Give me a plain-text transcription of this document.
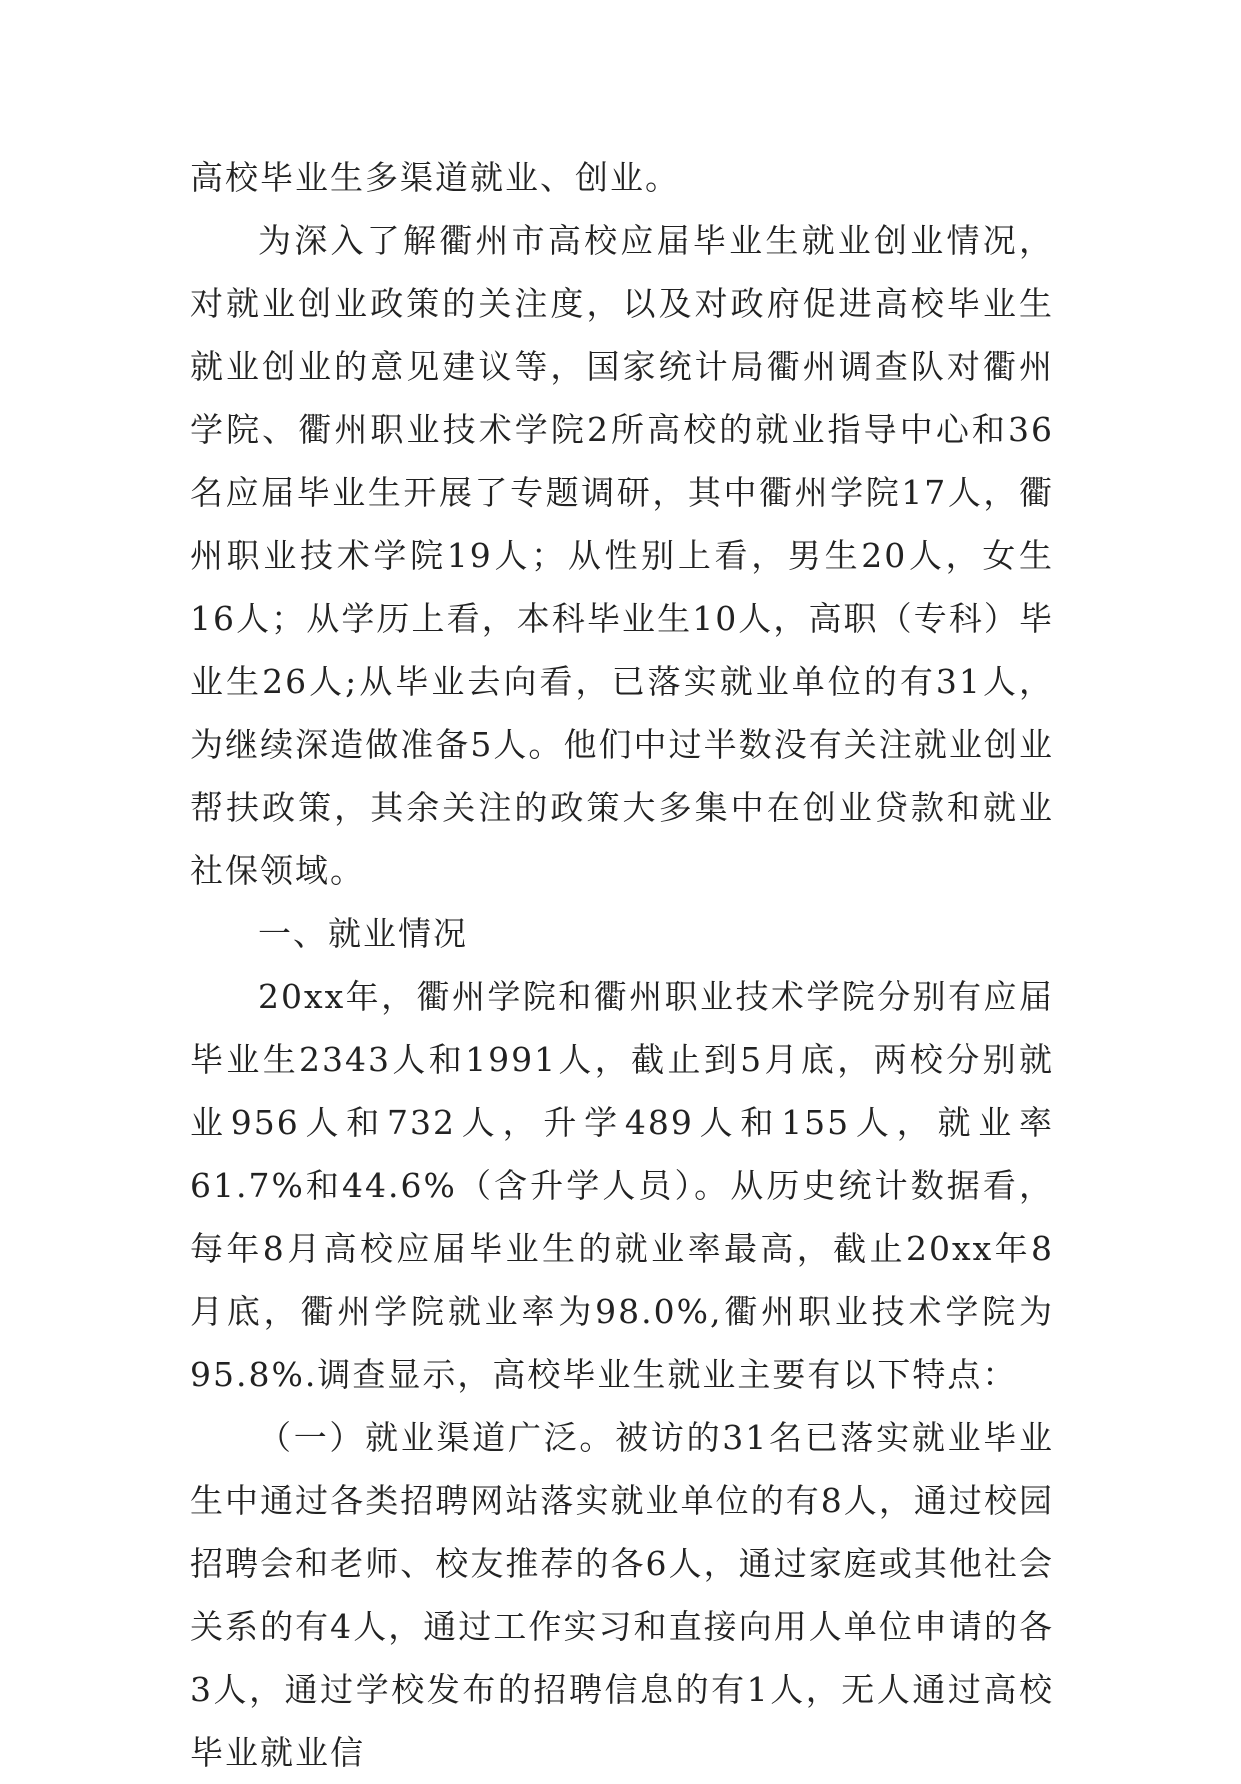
高校毕业生多渠道就业、创业。

为深入了解衢州市高校应届毕业生就业创业情况，对就业创业政策的关注度，以及对政府促进高校毕业生就业创业的意见建议等，国家统计局衢州调查队对衢州学院、衢州职业技术学院2所高校的就业指导中心和36名应届毕业生开展了专题调研，其中衢州学院17人，衢州职业技术学院19人；从性别上看，男生20人，女生16人；从学历上看，本科毕业生10人，高职（专科）毕业生26人;从毕业去向看，已落实就业单位的有31人，为继续深造做准备5人。他们中过半数没有关注就业创业帮扶政策，其余关注的政策大多集中在创业贷款和就业社保领域。

一、就业情况

20xx年，衢州学院和衢州职业技术学院分别有应届毕业生2343人和1991人，截止到5月底，两校分别就业956人和732人，升学489人和155人，就业率61.7%和44.6%（含升学人员）。从历史统计数据看，每年8月高校应届毕业生的就业率最高，截止20xx年8月底，衢州学院就业率为98.0%,衢州职业技术学院为95.8%.调查显示，高校毕业生就业主要有以下特点：

（一）就业渠道广泛。被访的31名已落实就业毕业生中通过各类招聘网站落实就业单位的有8人，通过校园招聘会和老师、校友推荐的各6人，通过家庭或其他社会关系的有4人，通过工作实习和直接向用人单位申请的各3人，通过学校发布的招聘信息的有1人，无人通过高校毕业就业信
